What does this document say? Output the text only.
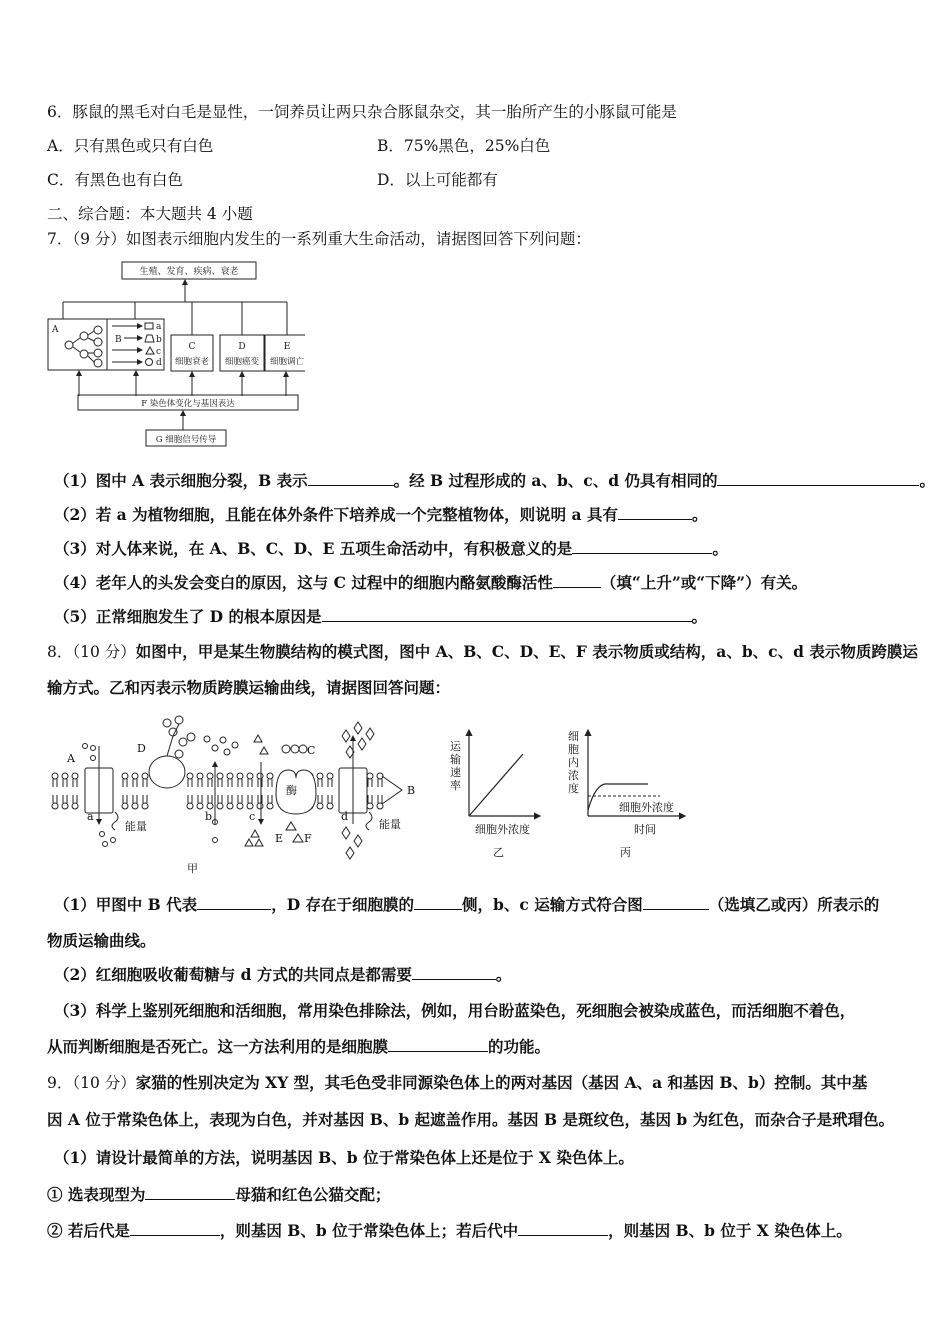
6．豚鼠的黑毛对白毛是显性，一饲养员让两只杂合豚鼠杂交，其一胎所产生的小豚鼠可能是
A．只有黑色或只有白色	B．75%黑色，25%白色
C．有黑色也有白色	D．以上可能都有
二、综合题：本大题共 4 小题
7．（9 分）如图表示细胞内发生的一系列重大生命活动，请据图回答下列问题：
生殖、发育、疾病、衰老
A
B
a
b
c
d
C
细胞衰老
D
细胞癌变
E
细胞调亡
F 染色体变化与基因表达
G 细胞信号传导
（1）图中 A 表示细胞分裂，B 表示	。经 B 过程形成的 a、b、c、d 仍具有相同的	。
（2）若 a 为植物细胞，且能在体外条件下培养成一个完整植物体，则说明 a 具有	。
（3）对人体来说，在 A、B、C、D、E 五项生命活动中，有积极意义的是	。
（4）老年人的头发会变白的原因，这与 C 过程中的细胞内酪氨酸酶活性	（填“上升”或“下降”）有关。
（5）正常细胞发生了 D 的根本原因是	。
8．（10 分）如图中，甲是某生物膜结构的模式图，图中 A、B、C、D、E、F 表示物质或结构，a、b、c、d 表示物质跨膜运
输方式。乙和丙表示物质跨膜运输曲线，请据图回答问题：
A
D	C
B
a	b	c	d
能量	能量
酶
E F
甲
运
输
速
率
细胞外浓度
乙
细
胞
内
浓
度
细胞外浓度
时间
丙
（1）甲图中 B 代表	，D 存在于细胞膜的	侧，b、c 运输方式符合图	（选填乙或丙）所表示的
物质运输曲线。
（2）红细胞吸收葡萄糖与 d 方式的共同点是都需要	。
（3）科学上鉴别死细胞和活细胞，常用染色排除法，例如，用台盼蓝染色，死细胞会被染成蓝色，而活细胞不着色，
从而判断细胞是否死亡。这一方法利用的是细胞膜	的功能。
9．（10 分）家猫的性别决定为 XY 型，其毛色受非同源染色体上的两对基因（基因 A、a 和基因 B、b）控制。其中基
因 A 位于常染色体上，表现为白色，并对基因 B、b 起遮盖作用。基因 B 是斑纹色，基因 b 为红色，而杂合子是玳瑁色。
（1）请设计最简单的方法，说明基因 B、b 位于常染色体上还是位于 X 染色体上。
① 选表现型为	母猫和红色公猫交配；
② 若后代是	，则基因 B、b 位于常染色体上；若后代中	，则基因 B、b 位于 X 染色体上。
